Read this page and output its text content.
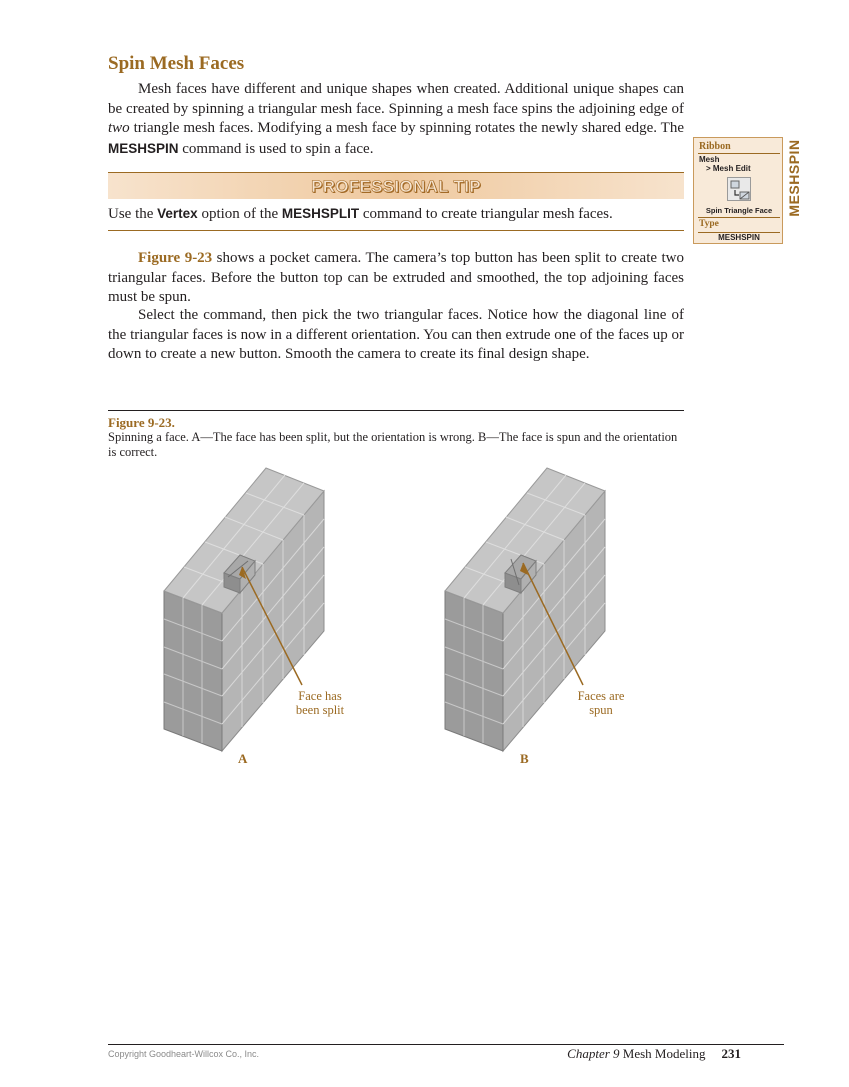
Spin Mesh Faces

Mesh faces have different and unique shapes when created. Additional unique shapes can be created by spinning a triangular mesh face. Spinning a mesh face spins the adjoining edge of two triangle mesh faces. Modifying a mesh face by spinning rotates the newly shared edge. The MESHSPIN command is used to spin a face.

PROFESSIONAL TIP
Use the Vertex option of the MESHSPLIT command to create triangular mesh faces.

Figure 9-23 shows a pocket camera. The camera’s top button has been split to create two triangular faces. Before the button top can be extruded and smoothed, the top adjoining faces must be spun.

Select the command, then pick the two triangular faces. Notice how the diagonal line of the triangular faces is now in a different orientation. You can then extrude one of the faces up or down to create a new button. Smooth the camera to create its final design shape.

Ribbon
Mesh
> Mesh Edit
Spin Triangle Face
Type
MESHSPIN
MESHSPIN
Figure 9-23.
Spinning a face. A—The face has been split, but the orientation is wrong. B—The face is spun and the orientation is correct.
Face has
been split
Faces are
spun
A	B
Copyright Goodheart-Willcox Co., Inc.	Chapter 9 Mesh Modeling 231
